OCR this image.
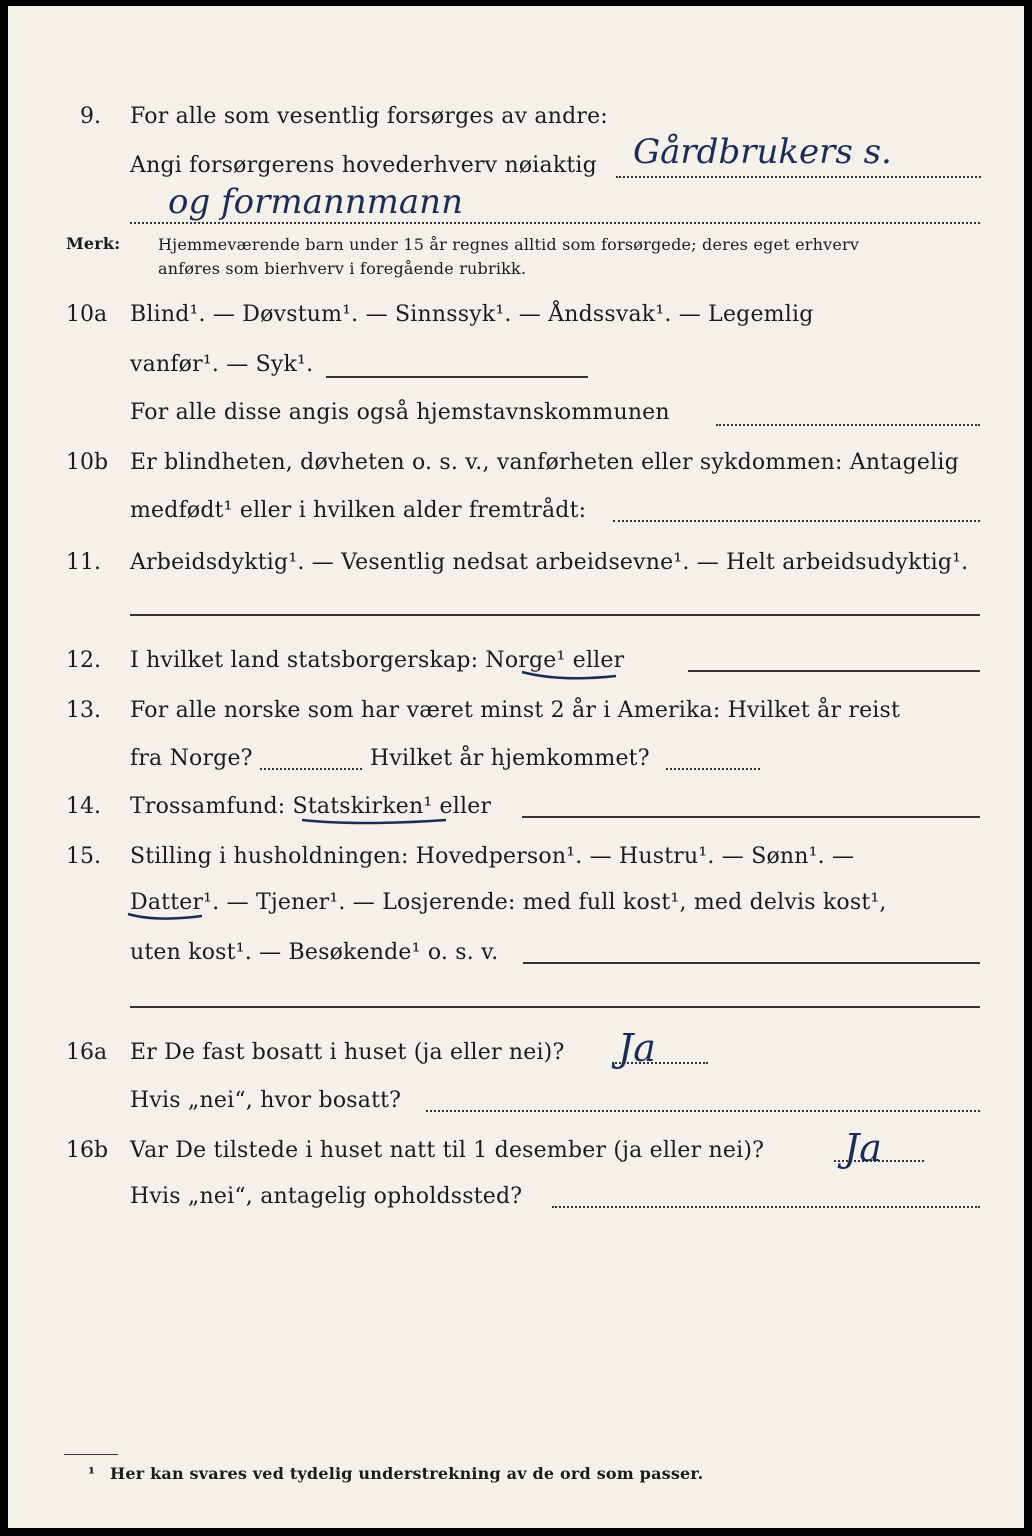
9. For alle som vesentlig forsørges av andre:
Angi forsørgerens hovederhverv nøiaktig Gårdbrukers s.
og formannmann
Merk: Hjemmeværende barn under 15 år regnes alltid som forsørgede; deres eget erhverv
anføres som bierhverv i foregående rubrikk.
10a Blind¹. — Døvstum¹. — Sinnssyk¹. — Åndssvak¹. — Legemlig
vanfør¹. — Syk¹.
For alle disse angis også hjemstavnskommunen
10b Er blindheten, døvheten o. s. v., vanførheten eller sykdommen: Antagelig
medfødt¹ eller i hvilken alder fremtrådt:
11. Arbeidsdyktig¹. — Vesentlig nedsat arbeidsevne¹. — Helt arbeidsudyktig¹.
12. I hvilket land statsborgerskap: Norge¹ eller
13. For alle norske som har været minst 2 år i Amerika: Hvilket år reist
fra Norge?	Hvilket år hjemkommet?
14. Trossamfund: Statskirken¹ eller
15. Stilling i husholdningen: Hovedperson¹. — Hustru¹. — Sønn¹. —
Datter¹. — Tjener¹. — Losjerende: med full kost¹, med delvis kost¹,
uten kost¹. — Besøkende¹ o. s. v.
16a Er De fast bosatt i huset (ja eller nei)? Ja
Hvis „nei“, hvor bosatt?
16b Var De tilstede i huset natt til 1 desember (ja eller nei)? Ja
Hvis „nei“, antagelig opholdssted?
¹ Her kan svares ved tydelig understrekning av de ord som passer.
